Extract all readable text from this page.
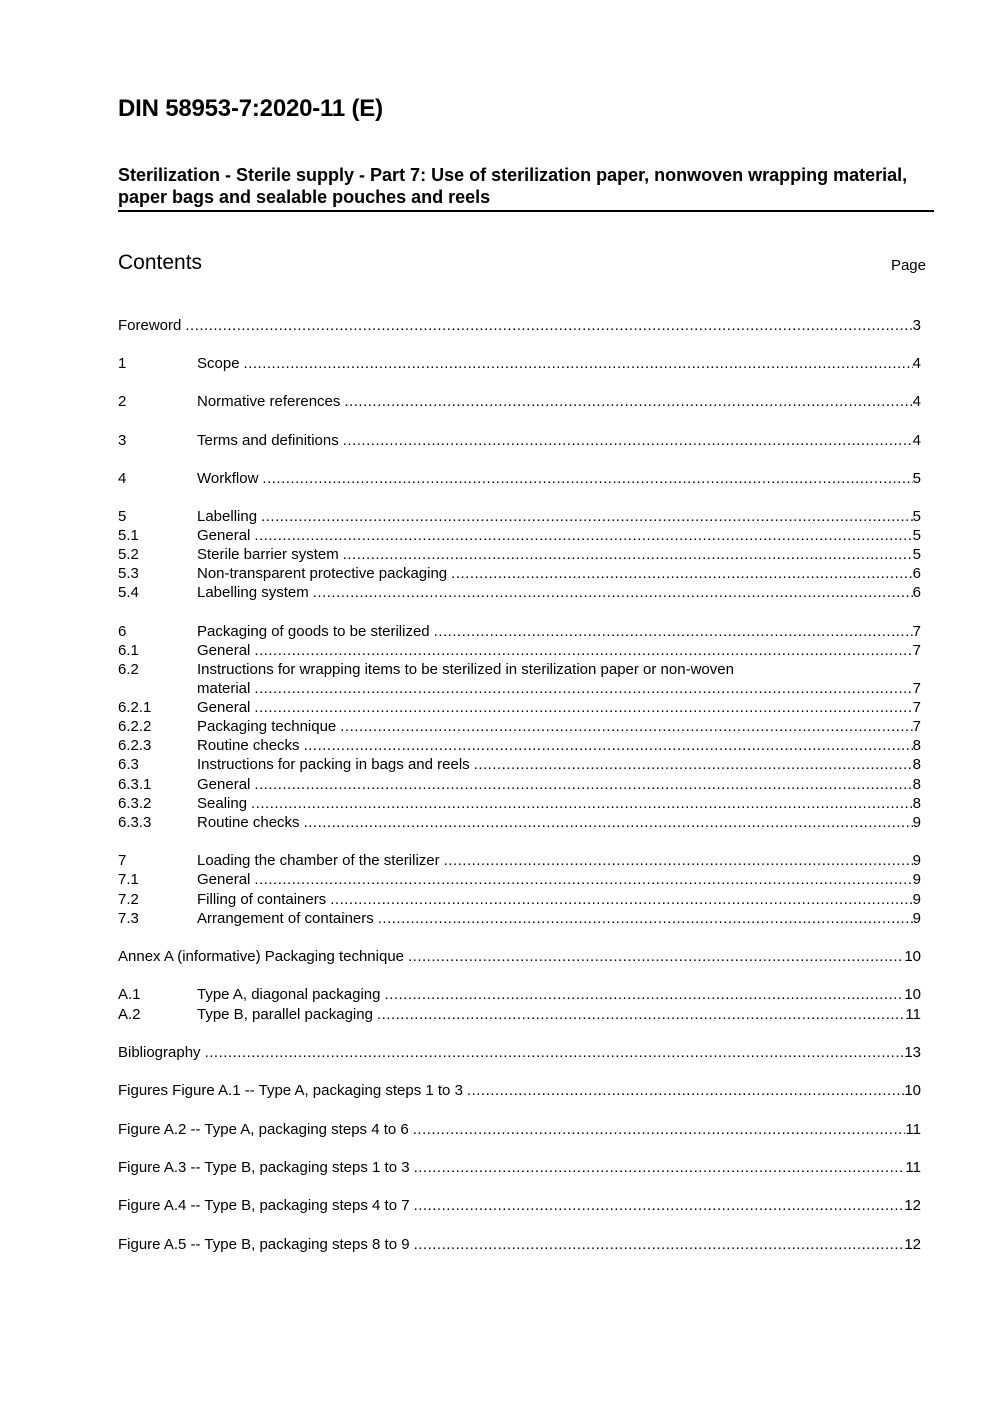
DIN 58953-7:2020-11 (E)
Sterilization - Sterile supply - Part 7: Use of sterilization paper, nonwoven wrapping material, paper bags and sealable pouches and reels
Contents	Page
Foreword .....	3
1	Scope .....	4
2	Normative references .....	4
3	Terms and definitions .....	4
4	Workflow .....	5
5	Labelling .....	5
5.1	General .....	5
5.2	Sterile barrier system .....	5
5.3	Non-transparent protective packaging .....	6
5.4	Labelling system .....	6
6	Packaging of goods to be sterilized .....	7
6.1	General .....	7
6.2	Instructions for wrapping items to be sterilized in sterilization paper or non-woven
material .....	7
6.2.1	General .....	7
6.2.2	Packaging technique .....	7
6.2.3	Routine checks .....	8
6.3	Instructions for packing in bags and reels .....	8
6.3.1	General .....	8
6.3.2	Sealing .....	8
6.3.3	Routine checks .....	9
7	Loading the chamber of the sterilizer .....	9
7.1	General .....	9
7.2	Filling of containers .....	9
7.3	Arrangement of containers .....	9
Annex A (informative) Packaging technique .....	10
A.1	Type A, diagonal packaging .....	10
A.2	Type B, parallel packaging .....	11
Bibliography .....	13
Figures Figure A.1 -- Type A, packaging steps 1 to 3 .....	10
Figure A.2 -- Type A, packaging steps 4 to 6 .....	11
Figure A.3 -- Type B, packaging steps 1 to 3 .....	11
Figure A.4 -- Type B, packaging steps 4 to 7 .....	12
Figure A.5 -- Type B, packaging steps 8 to 9 .....	12
